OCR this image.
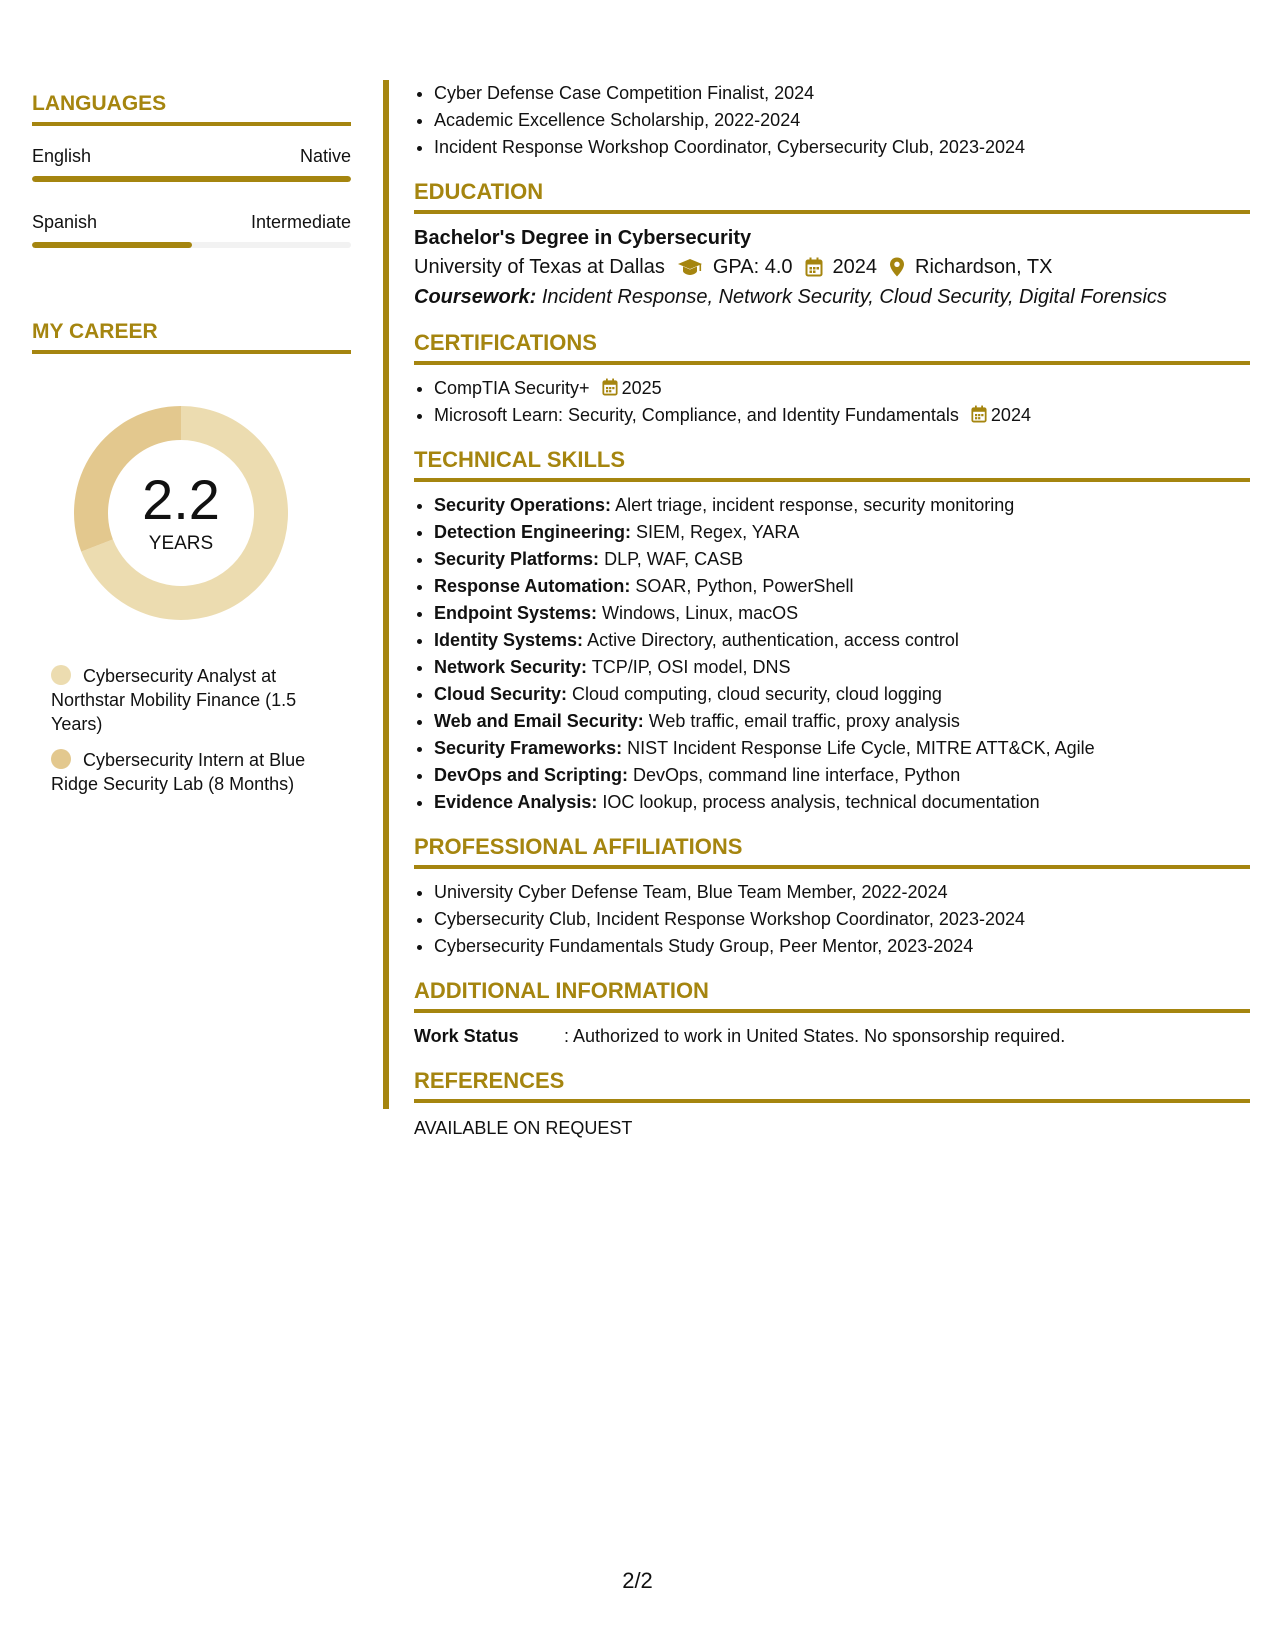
LANGUAGES
English	Native
Spanish	Intermediate
MY CAREER
2.2
YEARS
Cybersecurity Analyst at Northstar Mobility Finance (1.5 Years)
Cybersecurity Intern at Blue Ridge Security Lab (8 Months)
• Cyber Defense Case Competition Finalist, 2024
• Academic Excellence Scholarship, 2022-2024
• Incident Response Workshop Coordinator, Cybersecurity Club, 2023-2024
EDUCATION
Bachelor's Degree in Cybersecurity
University of Texas at Dallas GPA: 4.0 2024 Richardson, TX
Coursework: Incident Response, Network Security, Cloud Security, Digital Forensics
CERTIFICATIONS
• CompTIA Security+ 2025
• Microsoft Learn: Security, Compliance, and Identity Fundamentals 2024
TECHNICAL SKILLS
• Security Operations: Alert triage, incident response, security monitoring
• Detection Engineering: SIEM, Regex, YARA
• Security Platforms: DLP, WAF, CASB
• Response Automation: SOAR, Python, PowerShell
• Endpoint Systems: Windows, Linux, macOS
• Identity Systems: Active Directory, authentication, access control
• Network Security: TCP/IP, OSI model, DNS
• Cloud Security: Cloud computing, cloud security, cloud logging
• Web and Email Security: Web traffic, email traffic, proxy analysis
• Security Frameworks: NIST Incident Response Life Cycle, MITRE ATT&CK, Agile
• DevOps and Scripting: DevOps, command line interface, Python
• Evidence Analysis: IOC lookup, process analysis, technical documentation
PROFESSIONAL AFFILIATIONS
• University Cyber Defense Team, Blue Team Member, 2022-2024
• Cybersecurity Club, Incident Response Workshop Coordinator, 2023-2024
• Cybersecurity Fundamentals Study Group, Peer Mentor, 2023-2024
ADDITIONAL INFORMATION
Work Status	: Authorized to work in United States. No sponsorship required.
REFERENCES
AVAILABLE ON REQUEST
2/2
